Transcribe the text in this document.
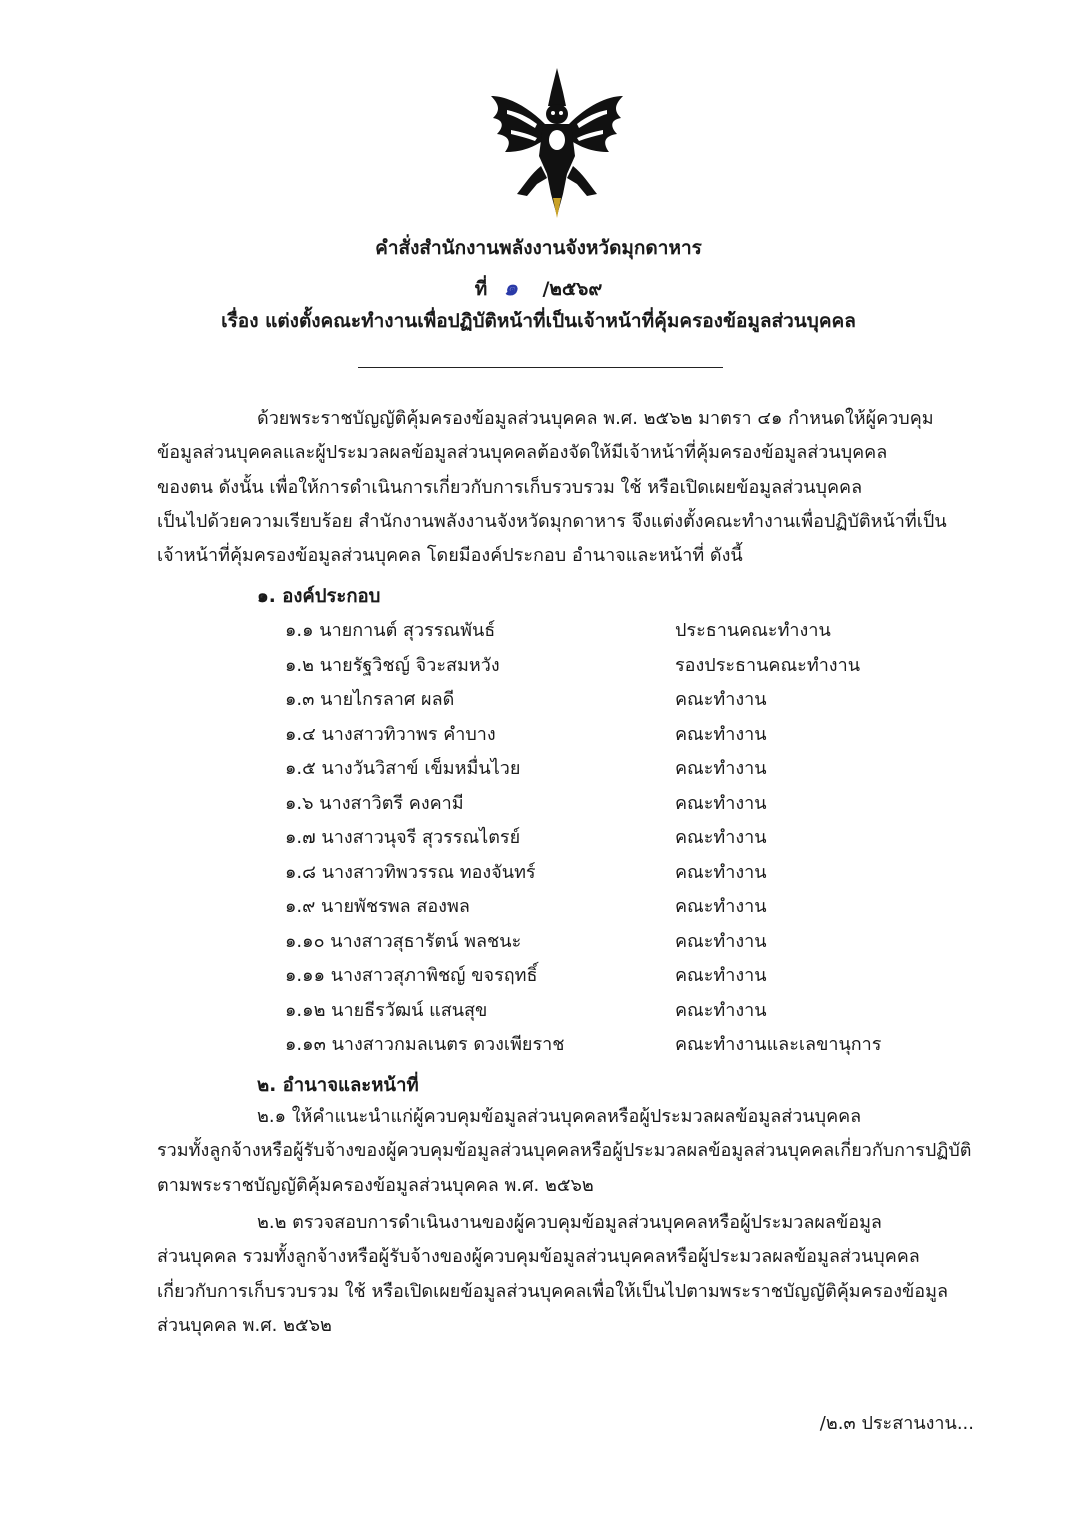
คำสั่งสำนักงานพลังงานจังหวัดมุกดาหาร
ที่ ๑ /๒๕๖๙
เรื่อง แต่งตั้งคณะทำงานเพื่อปฏิบัติหน้าที่เป็นเจ้าหน้าที่คุ้มครองข้อมูลส่วนบุคคล
ด้วยพระราชบัญญัติคุ้มครองข้อมูลส่วนบุคคล พ.ศ. ๒๕๖๒ มาตรา ๔๑ กำหนดให้ผู้ควบคุม
ข้อมูลส่วนบุคคลและผู้ประมวลผลข้อมูลส่วนบุคคลต้องจัดให้มีเจ้าหน้าที่คุ้มครองข้อมูลส่วนบุคคล
ของตน ดังนั้น เพื่อให้การดำเนินการเกี่ยวกับการเก็บรวบรวม ใช้ หรือเปิดเผยข้อมูลส่วนบุคคล
เป็นไปด้วยความเรียบร้อย สำนักงานพลังงานจังหวัดมุกดาหาร จึงแต่งตั้งคณะทำงานเพื่อปฏิบัติหน้าที่เป็น
เจ้าหน้าที่คุ้มครองข้อมูลส่วนบุคคล โดยมีองค์ประกอบ อำนาจและหน้าที่ ดังนี้
๑. องค์ประกอบ
๑.๑ นายกานต์ สุวรรณพันธ์	ประธานคณะทำงาน
๑.๒ นายรัฐวิชญ์ จิวะสมหวัง	รองประธานคณะทำงาน
๑.๓ นายไกรลาศ ผลดี	คณะทำงาน
๑.๔ นางสาวทิวาพร คำบาง	คณะทำงาน
๑.๕ นางวันวิสาข์ เข็มหมื่นไวย	คณะทำงาน
๑.๖ นางสาวิตรี คงคามี	คณะทำงาน
๑.๗ นางสาวนุจรี สุวรรณไตรย์	คณะทำงาน
๑.๘ นางสาวทิพวรรณ ทองจันทร์	คณะทำงาน
๑.๙ นายพัชรพล สองพล	คณะทำงาน
๑.๑๐ นางสาวสุธารัตน์ พลชนะ	คณะทำงาน
๑.๑๑ นางสาวสุภาพิชญ์ ขจรฤทธิ์	คณะทำงาน
๑.๑๒ นายธีรวัฒน์ แสนสุข	คณะทำงาน
๑.๑๓ นางสาวกมลเนตร ดวงเพียราช	คณะทำงานและเลขานุการ
๒. อำนาจและหน้าที่
๒.๑ ให้คำแนะนำแก่ผู้ควบคุมข้อมูลส่วนบุคคลหรือผู้ประมวลผลข้อมูลส่วนบุคคล
รวมทั้งลูกจ้างหรือผู้รับจ้างของผู้ควบคุมข้อมูลส่วนบุคคลหรือผู้ประมวลผลข้อมูลส่วนบุคคลเกี่ยวกับการปฏิบัติ
ตามพระราชบัญญัติคุ้มครองข้อมูลส่วนบุคคล พ.ศ. ๒๕๖๒
๒.๒ ตรวจสอบการดำเนินงานของผู้ควบคุมข้อมูลส่วนบุคคลหรือผู้ประมวลผลข้อมูล
ส่วนบุคคล รวมทั้งลูกจ้างหรือผู้รับจ้างของผู้ควบคุมข้อมูลส่วนบุคคลหรือผู้ประมวลผลข้อมูลส่วนบุคคล
เกี่ยวกับการเก็บรวบรวม ใช้ หรือเปิดเผยข้อมูลส่วนบุคคลเพื่อให้เป็นไปตามพระราชบัญญัติคุ้มครองข้อมูล
ส่วนบุคคล พ.ศ. ๒๕๖๒
/๒.๓ ประสานงาน...
